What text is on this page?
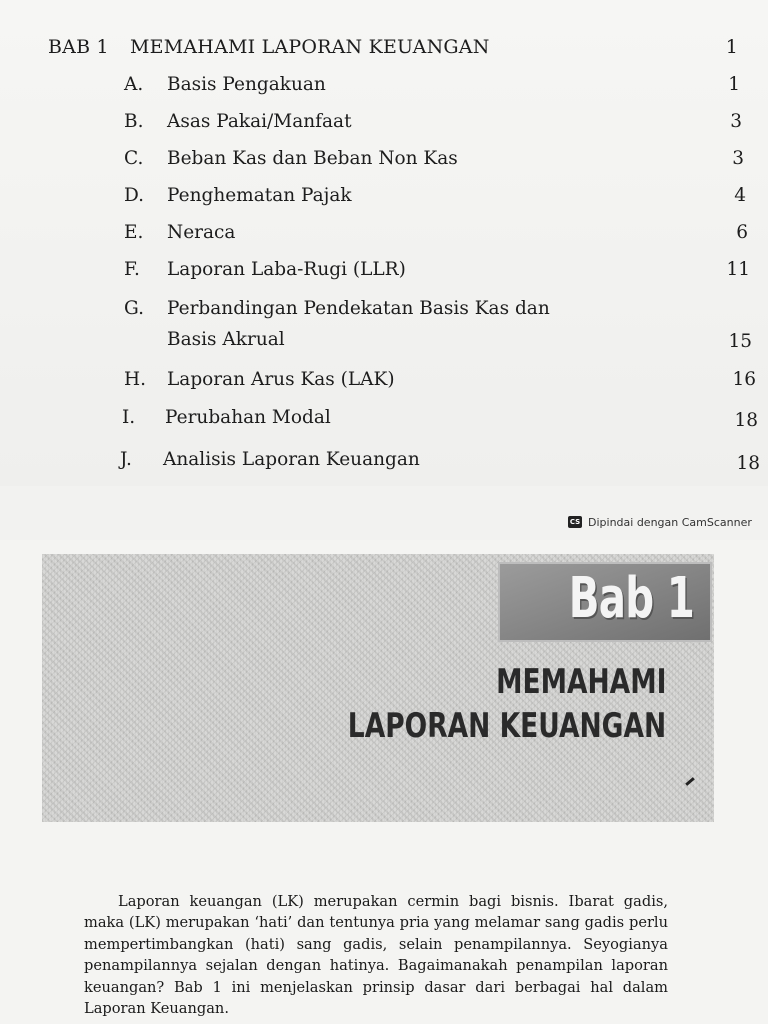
BAB 1 MEMAHAMI LAPORAN KEUANGAN	1
A. Basis Pengakuan	1
B. Asas Pakai/Manfaat	3
C. Beban Kas dan Beban Non Kas	3
D. Penghematan Pajak	4
E. Neraca	6
F. Laporan Laba-Rugi (LLR)	11
G. Perbandingan Pendekatan Basis Kas dan
Basis Akrual	15
H. Laporan Arus Kas (LAK)	16
I. Perubahan Modal	18
J. Analisis Laporan Keuangan	18
CS Dipindai dengan CamScanner
Bab 1
MEMAHAMI
LAPORAN KEUANGAN

Laporan keuangan (LK) merupakan cermin bagi bisnis. Ibarat gadis, maka (LK) merupakan ‘hati’ dan tentunya pria yang melamar sang gadis perlu mempertimbangkan (hati) sang gadis, selain penampilannya. Seyogianya penampilannya sejalan dengan hatinya. Bagaimanakah penampilan laporan keuangan? Bab 1 ini menjelaskan prinsip dasar dari berbagai hal dalam Laporan Keuangan.
